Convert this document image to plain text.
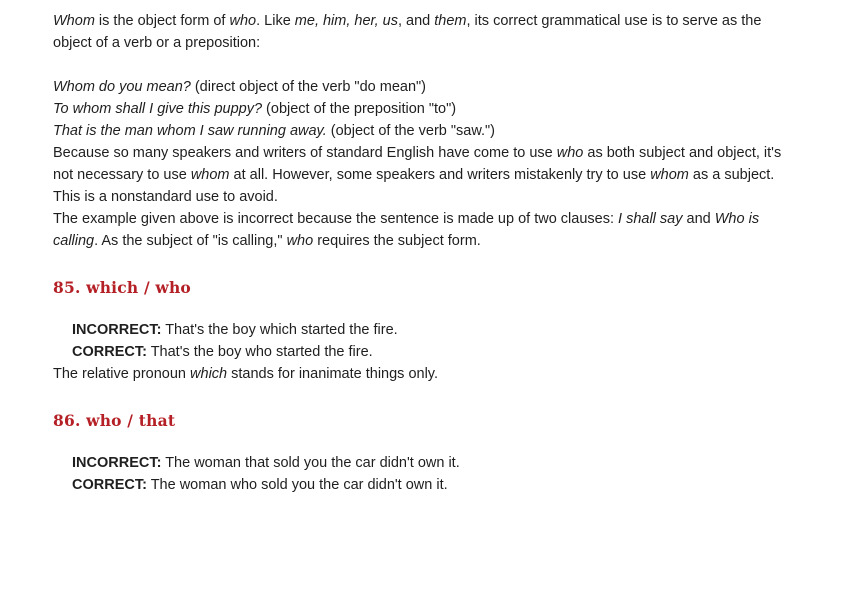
Whom is the object form of who. Like me, him, her, us, and them, its correct grammatical use is to serve as the object of a verb or a preposition:

Whom do you mean? (direct object of the verb "do mean")
To whom shall I give this puppy? (object of the preposition "to")
That is the man whom I saw running away. (object of the verb "saw.")

Because so many speakers and writers of standard English have come to use who as both subject and object, it's not necessary to use whom at all. However, some speakers and writers mistakenly try to use whom as a subject. This is a nonstandard use to avoid.

The example given above is incorrect because the sentence is made up of two clauses: I shall say and Who is calling. As the subject of "is calling," who requires the subject form.

85. which / who
INCORRECT: That's the boy which started the fire.
CORRECT: That's the boy who started the fire.

The relative pronoun which stands for inanimate things only.

86. who / that
INCORRECT: The woman that sold you the car didn't own it.
CORRECT: The woman who sold you the car didn't own it.
